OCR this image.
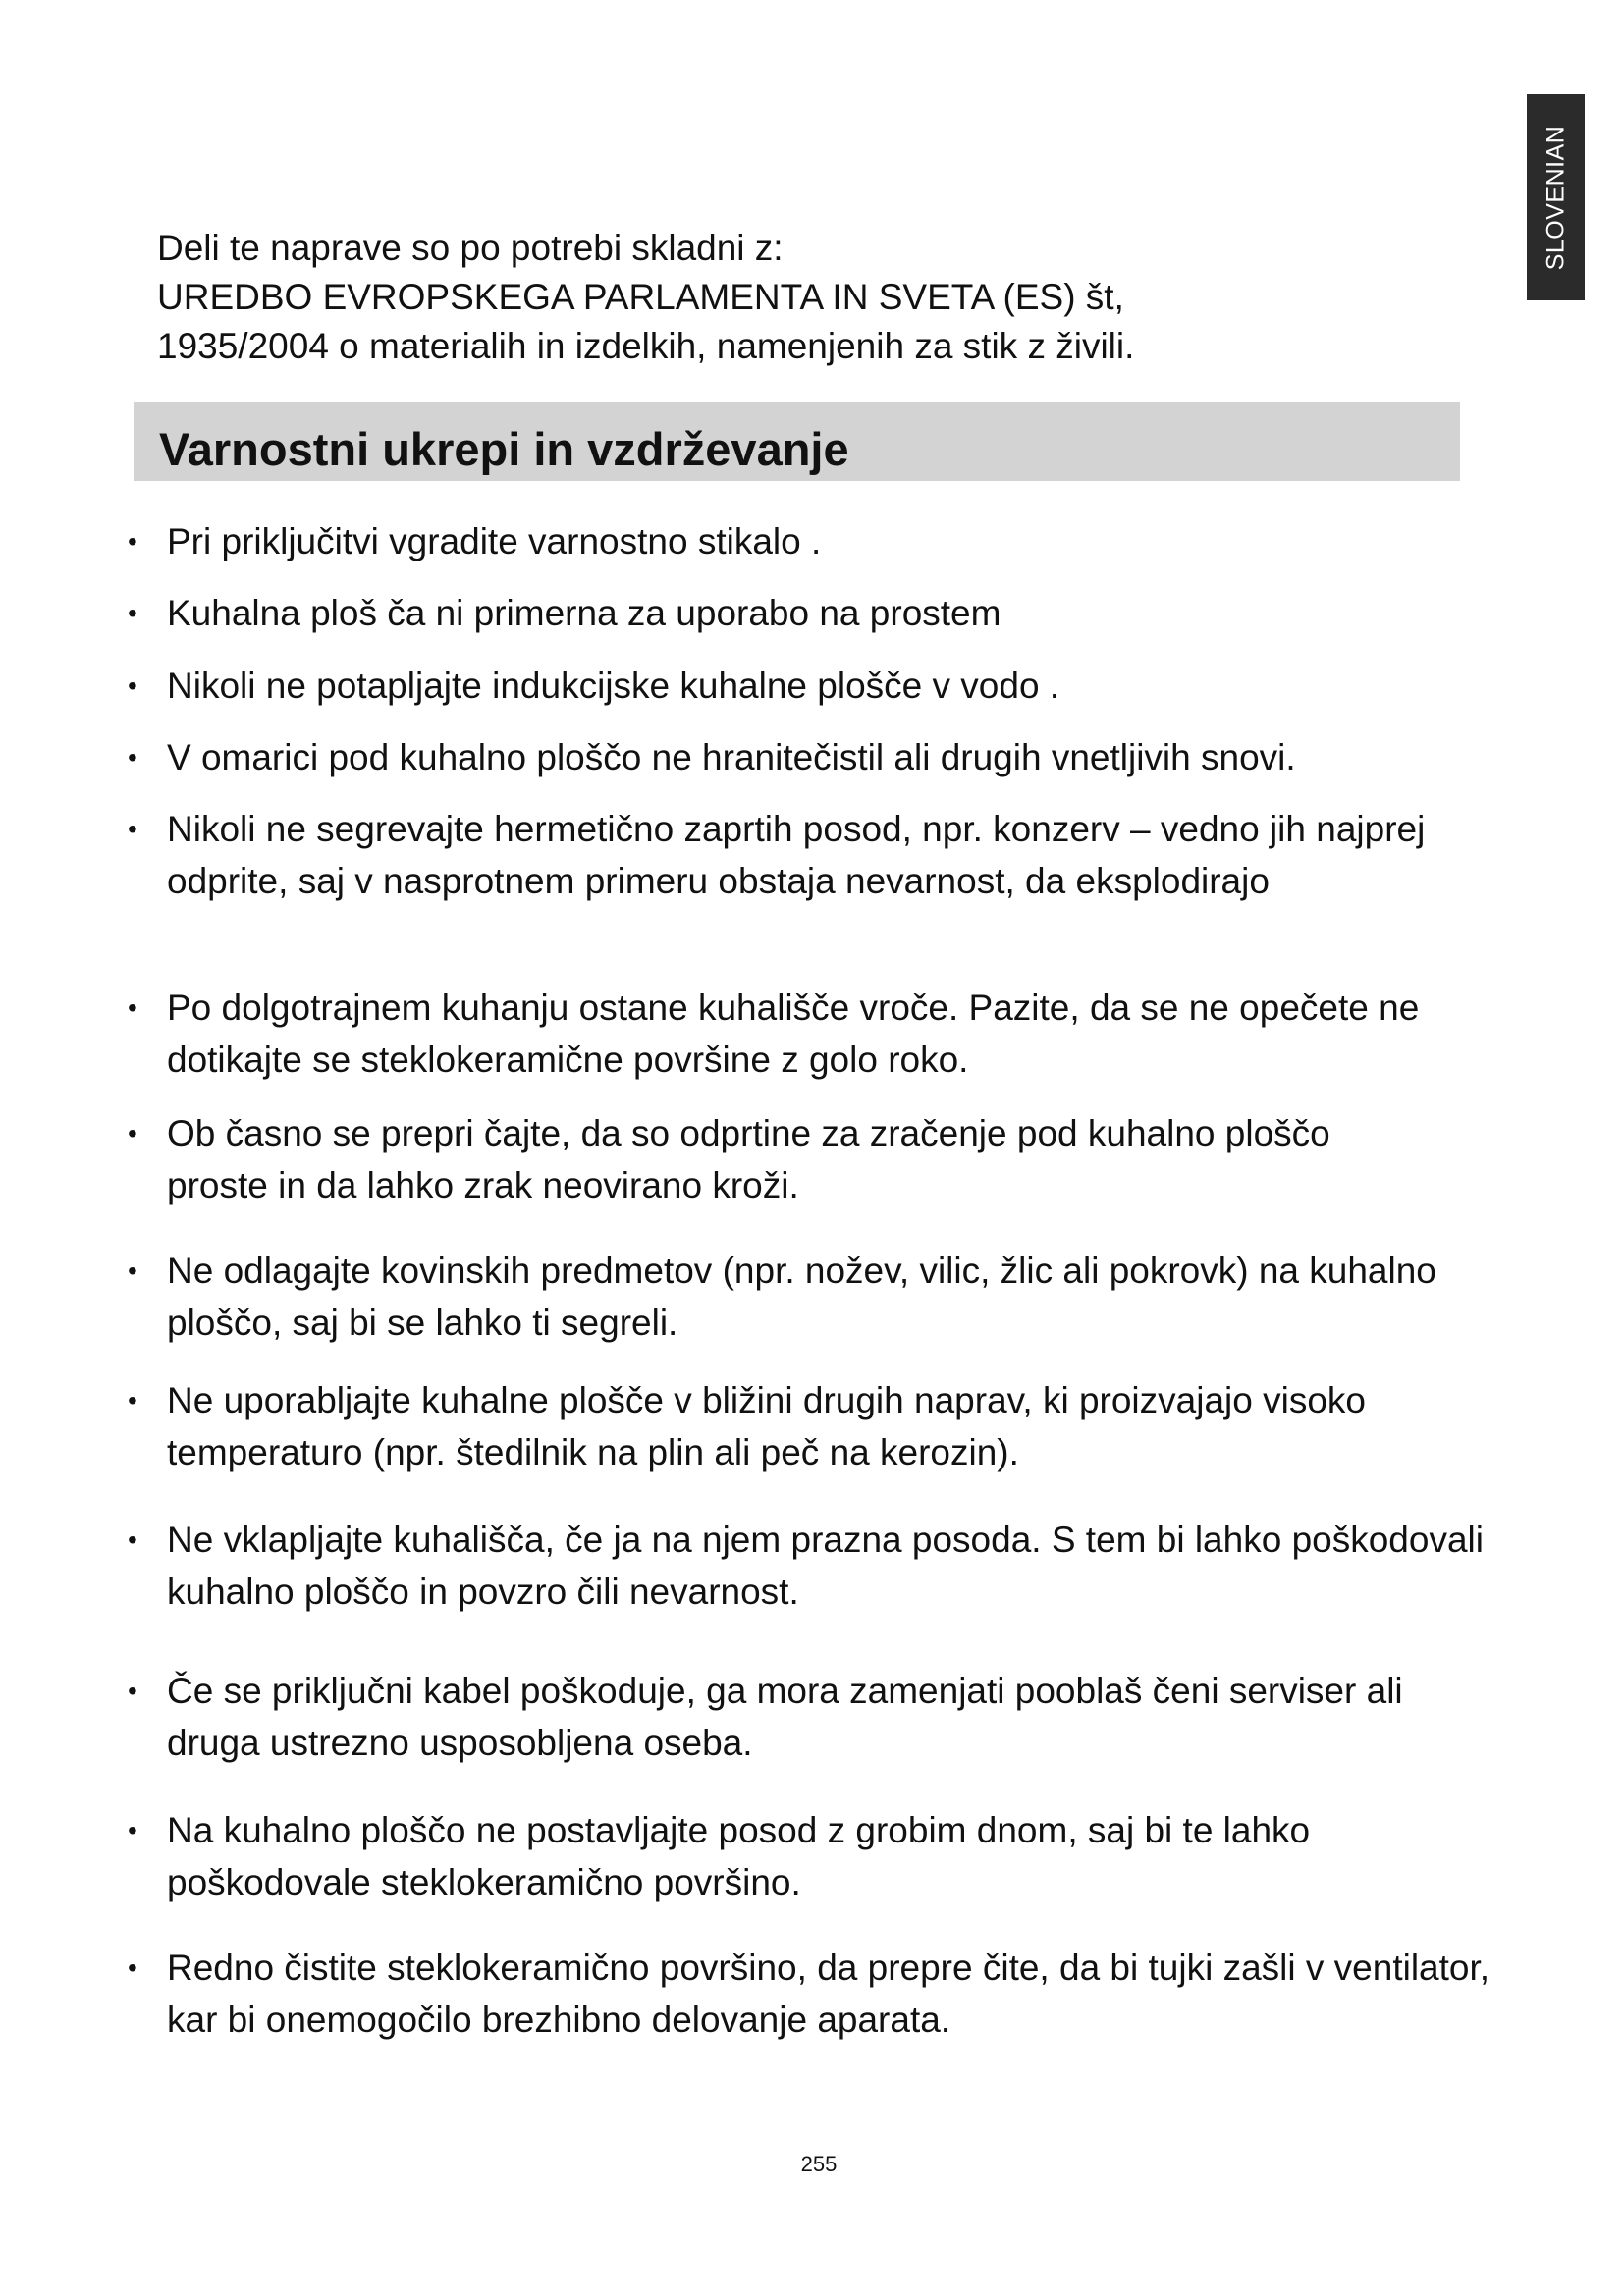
SLOVENIAN

Deli te naprave so po potrebi skladni z:

UREDBO EVROPSKEGA PARLAMENTA IN SVETA (ES) št,

1935/2004 o materialih in izdelkih, namenjenih za stik z živili.

Varnostni ukrepi in vzdrževanje
• Pri priključitvi vgradite varnostno stikalo .
• Kuhalna ploš ča ni primerna za uporabo na prostem
• Nikoli ne potapljajte indukcijske kuhalne plošče v vodo .
• V omarici pod kuhalno ploščo ne hranitečistil ali drugih vnetljivih snovi.
• Nikoli ne segrevajte hermetično zaprtih posod, npr. konzerv – vedno jih najprej odprite, saj v nasprotnem primeru obstaja nevarnost, da eksplodirajo
• Po dolgotrajnem kuhanju ostane kuhališče vroče. Pazite, da se ne opečete ne dotikajte se steklokeramične površine z golo roko.
• Ob časno se prepri čajte, da so odprtine za zračenje pod kuhalno ploščo proste in da lahko zrak neovirano kroži.
• Ne odlagajte kovinskih predmetov (npr. nožev, vilic, žlic ali pokrovk) na kuhalno ploščo, saj bi se lahko ti segreli.
• Ne uporabljajte kuhalne plošče v bližini drugih naprav, ki proizvajajo visoko temperaturo (npr. štedilnik na plin ali peč na kerozin).
• Ne vklapljajte kuhališča, če ja na njem prazna posoda. S tem bi lahko poškodovali kuhalno ploščo in povzro čili nevarnost.
• Če se priključni kabel poškoduje, ga mora zamenjati pooblaš čeni serviser ali druga ustrezno usposobljena oseba.
• Na kuhalno ploščo ne postavljajte posod z grobim dnom, saj bi te lahko poškodovale steklokeramično površino.
• Redno čistite steklokeramično površino, da prepre čite, da bi tujki zašli v ventilator, kar bi onemogočilo brezhibno delovanje aparata.

255
